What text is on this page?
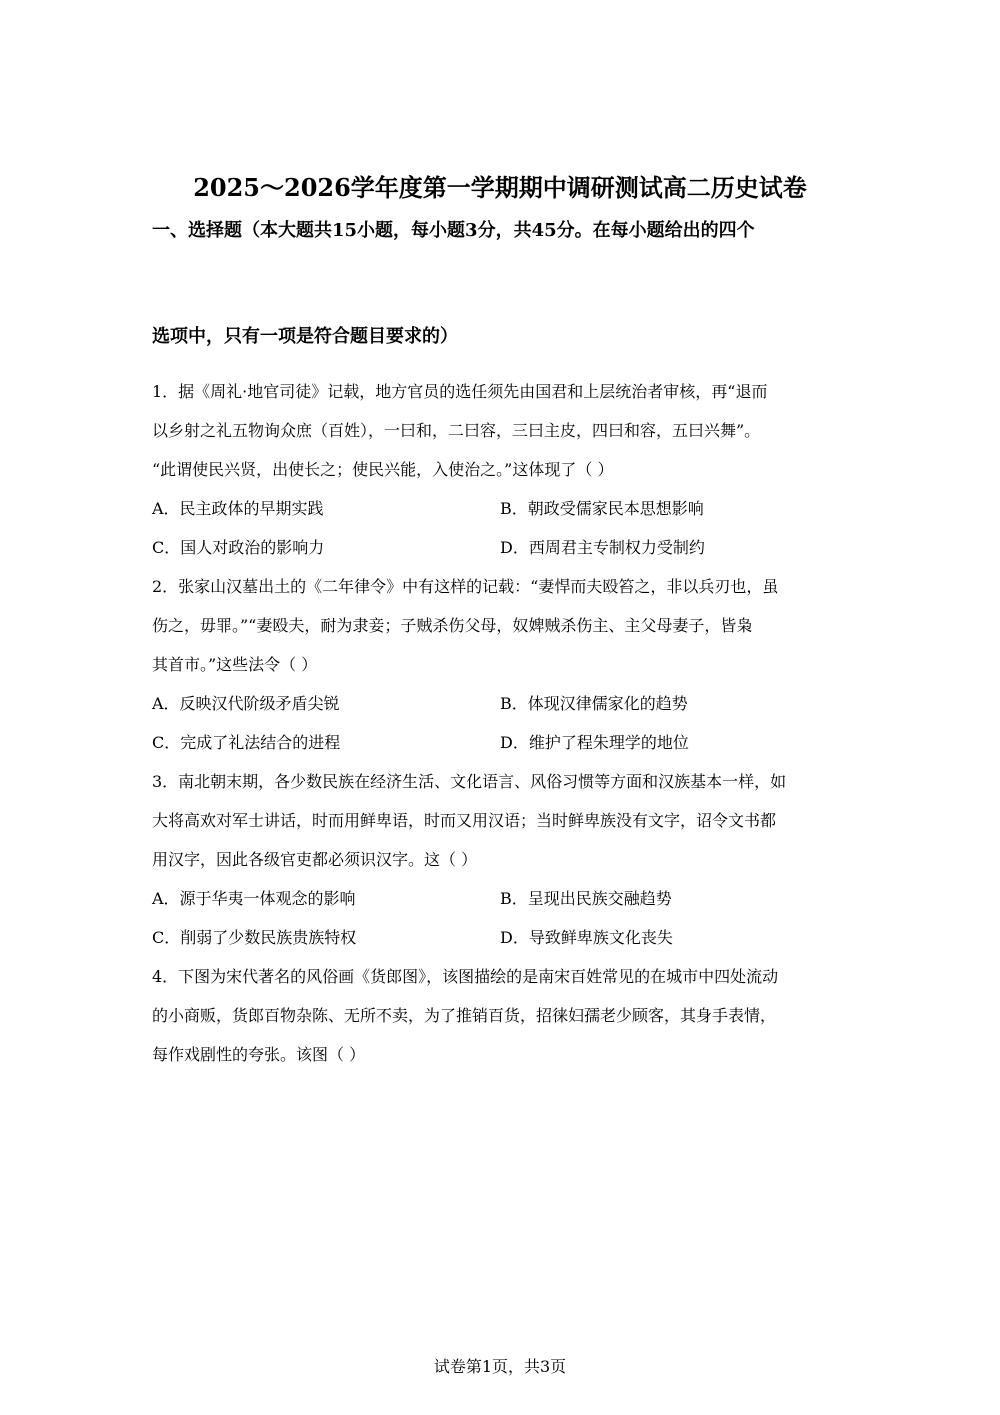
2025～2026学年度第一学期期中调研测试高二历史试卷
一、选择题（本大题共15小题，每小题3分，共45分。在每小题给出的四个
选项中，只有一项是符合题目要求的）
1．据《周礼·地官司徒》记载，地方官员的选任须先由国君和上层统治者审核，再“退而
以乡射之礼五物询众庶（百姓），一曰和，二曰容，三曰主皮，四曰和容，五曰兴舞”。
“此谓使民兴贤，出使长之；使民兴能，入使治之。”这体现了（ ）
A．民主政体的早期实践	B．朝政受儒家民本思想影响
C．国人对政治的影响力	D．西周君主专制权力受制约
2．张家山汉墓出土的《二年律令》中有这样的记载：“妻悍而夫殴笞之，非以兵刃也，虽
伤之，毋罪。”“妻殴夫，耐为隶妾；子贼杀伤父母，奴婢贼杀伤主、主父母妻子，皆枭
其首市。”这些法令（ ）
A．反映汉代阶级矛盾尖锐	B．体现汉律儒家化的趋势
C．完成了礼法结合的进程	D．维护了程朱理学的地位
3．南北朝末期，各少数民族在经济生活、文化语言、风俗习惯等方面和汉族基本一样，如
大将高欢对军士讲话，时而用鲜卑语，时而又用汉语；当时鲜卑族没有文字，诏令文书都
用汉字，因此各级官吏都必须识汉字。这（ ）
A．源于华夷一体观念的影响	B．呈现出民族交融趋势
C．削弱了少数民族贵族特权	D．导致鲜卑族文化丧失
4．下图为宋代著名的风俗画《货郎图》，该图描绘的是南宋百姓常见的在城市中四处流动
的小商贩，货郎百物杂陈、无所不卖，为了推销百货，招徕妇孺老少顾客，其身手表情，
每作戏剧性的夸张。该图（ ）
试卷第1页，共3页
